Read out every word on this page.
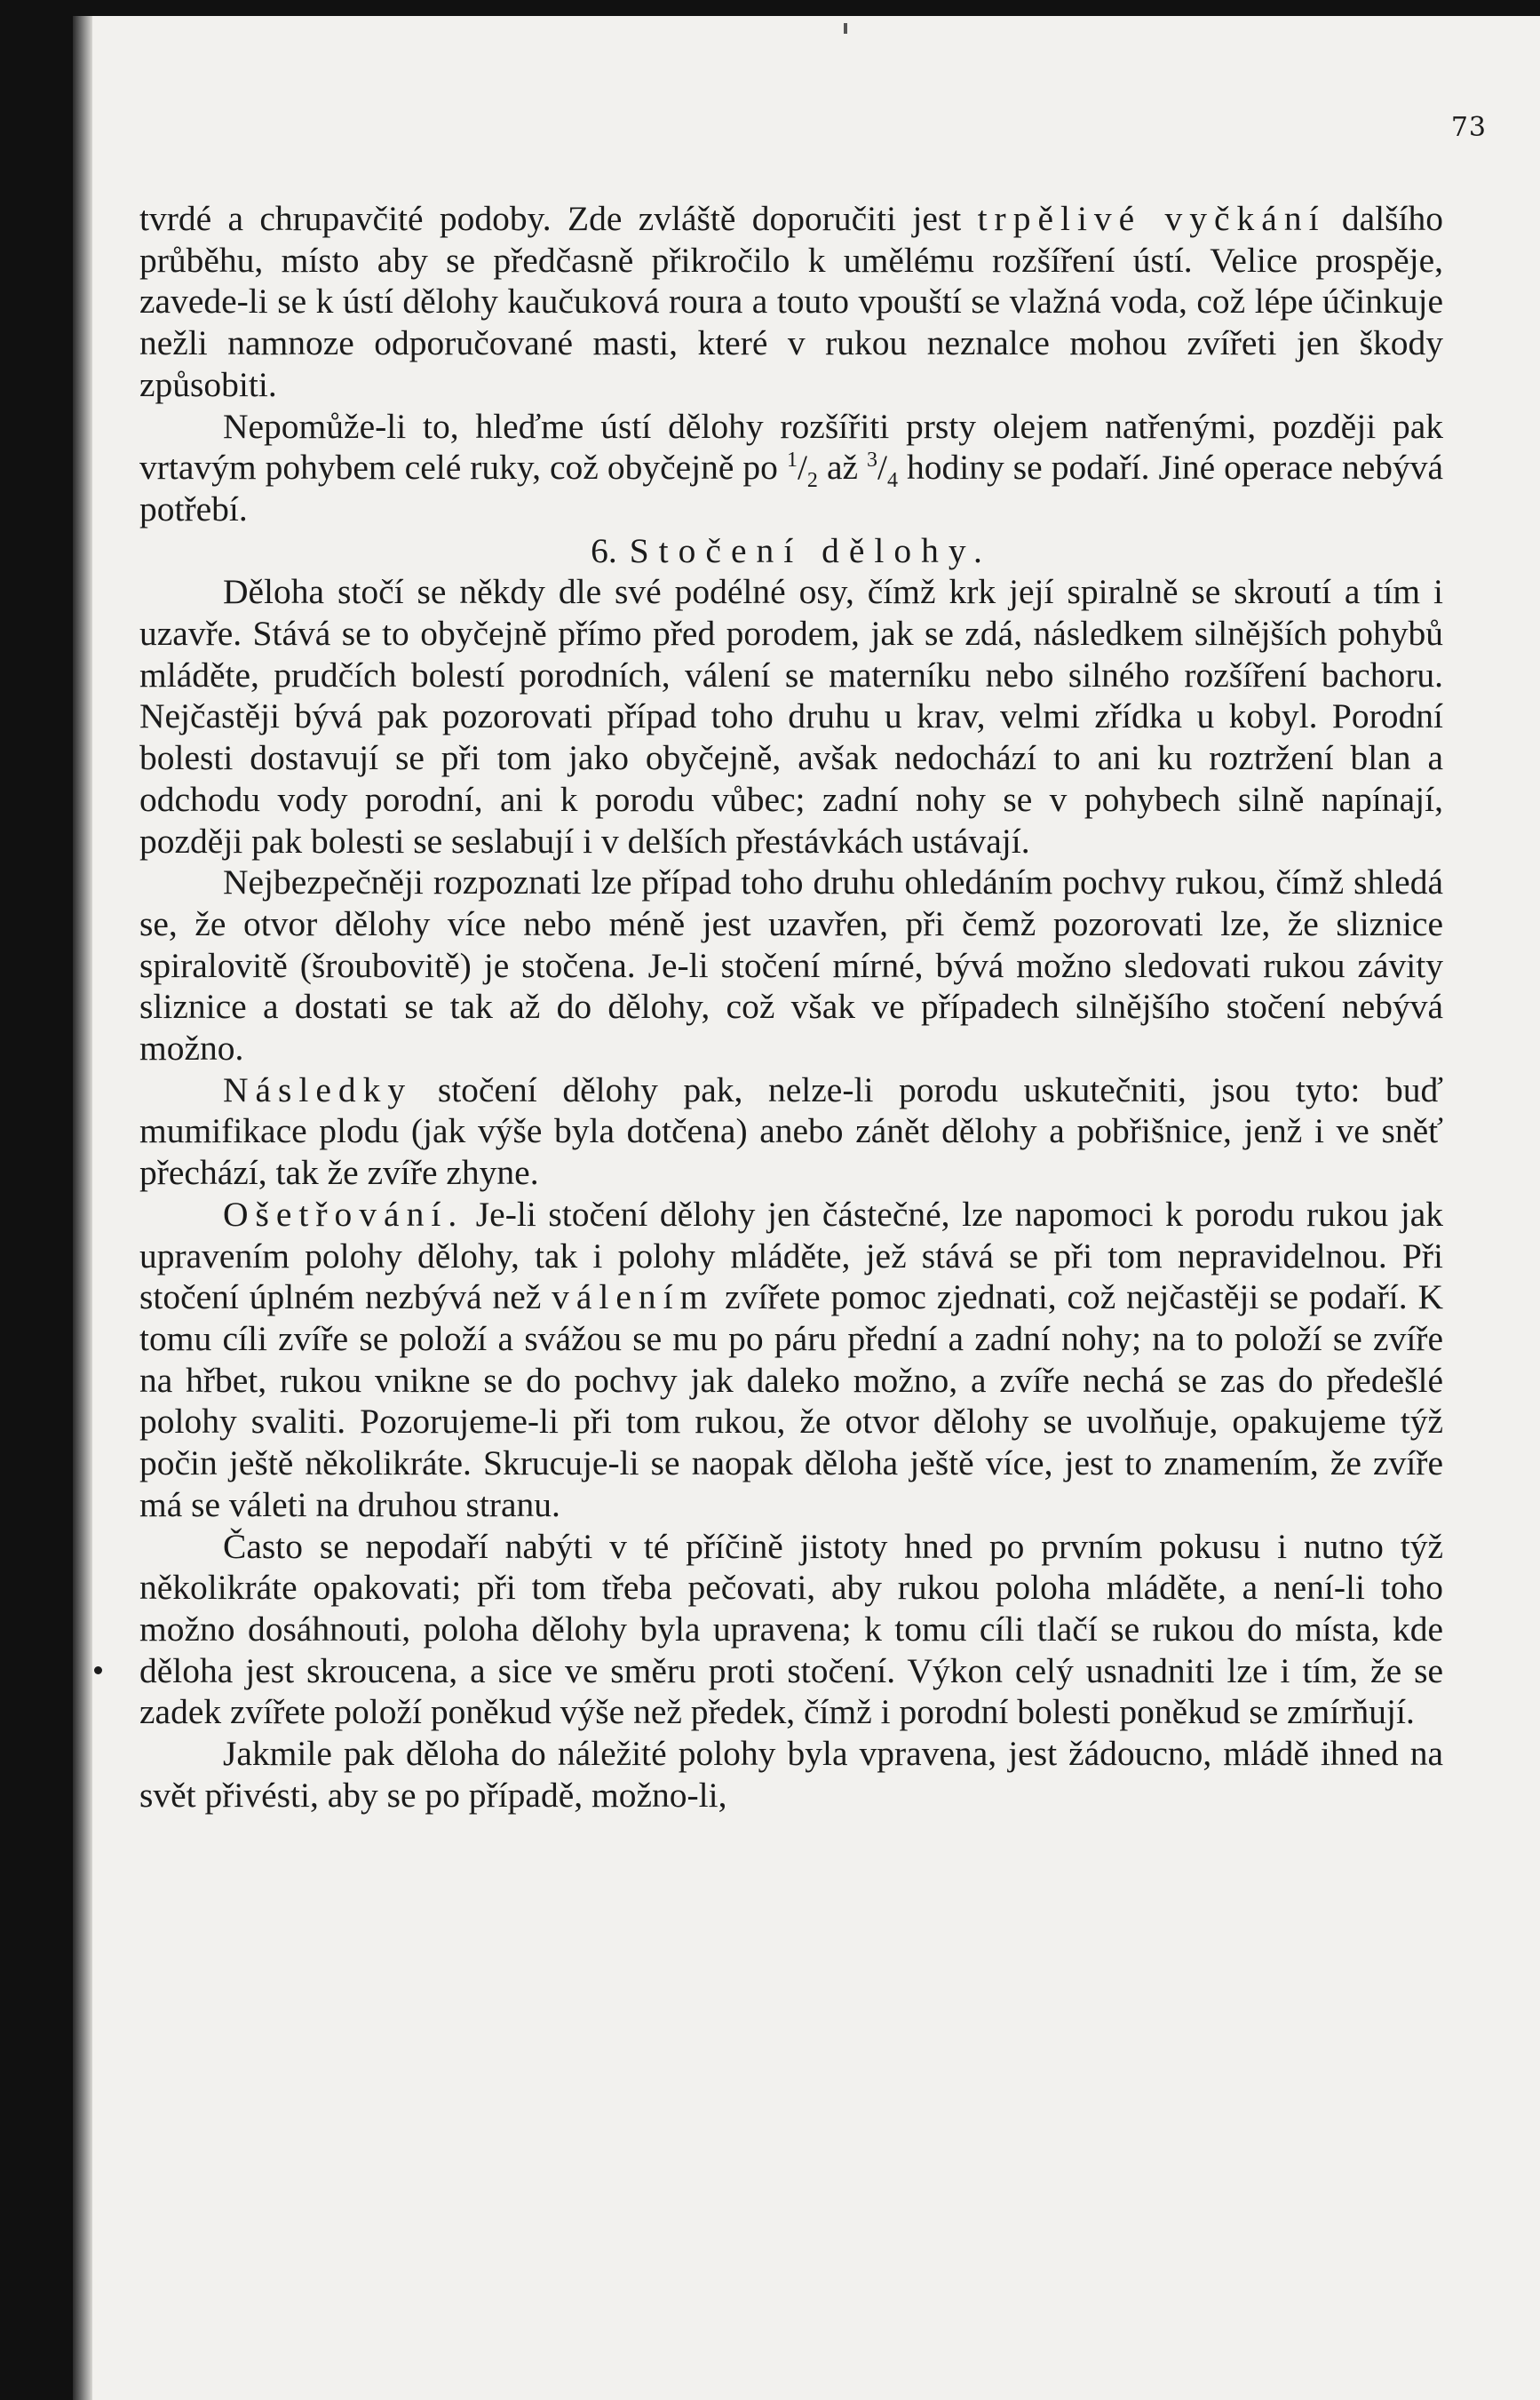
73

tvrdé a chrupavčité podoby. Zde zvláště doporučiti jest trpělivé vyčkání dalšího průběhu, místo aby se předčasně přikročilo k umělému rozšíření ústí. Velice prospěje, zavede-li se k ústí dělohy kaučuková roura a touto vpouští se vlažná voda, což lépe účinkuje nežli namnoze odporučované masti, které v rukou neznalce mohou zvířeti jen škody způsobiti.

Nepomůže-li to, hleďme ústí dělohy rozšířiti prsty olejem natřenými, později pak vrtavým pohybem celé ruky, což obyčejně po $^1/_2$ až $^3/_4$ hodiny se podaří. Jiné operace nebývá potřebí.

6. Stočení dělohy.

Děloha stočí se někdy dle své podélné osy, čímž krk její spiralně se skroutí a tím i uzavře. Stává se to obyčejně přímo před porodem, jak se zdá, následkem silnějších pohybů mláděte, prudčích bolestí porodních, válení se materníku nebo silného rozšíření bachoru. Nejčastěji bývá pak pozorovati případ toho druhu u krav, velmi zřídka u kobyl. Porodní bolesti dostavují se při tom jako obyčejně, avšak nedochází to ani ku roztržení blan a odchodu vody porodní, ani k porodu vůbec; zadní nohy se v pohybech silně napínají, později pak bolesti se seslabují i v delších přestávkách ustávají.

Nejbezpečněji rozpoznati lze případ toho druhu ohledáním pochvy rukou, čímž shledá se, že otvor dělohy více nebo méně jest uzavřen, při čemž pozorovati lze, že sliznice spiralovitě (šroubovitě) je stočena. Je-li stočení mírné, bývá možno sledovati rukou závity sliznice a dostati se tak až do dělohy, což však ve případech silnějšího stočení nebývá možno.

Následky stočení dělohy pak, nelze-li porodu uskutečniti, jsou tyto: buď mumifikace plodu (jak výše byla dotčena) anebo zánět dělohy a pobřišnice, jenž i ve sněť přechází, tak že zvíře zhyne.

Ošetřování. Je-li stočení dělohy jen částečné, lze napomoci k porodu rukou jak upravením polohy dělohy, tak i polohy mláděte, jež stává se při tom nepravidelnou. Při stočení úplném nezbývá než válením zvířete pomoc zjednati, což nejčastěji se podaří. K tomu cíli zvíře se položí a svážou se mu po páru přední a zadní nohy; na to položí se zvíře na hřbet, rukou vnikne se do pochvy jak daleko možno, a zvíře nechá se zas do předešlé polohy svaliti. Pozorujeme-li při tom rukou, že otvor dělohy se uvolňuje, opakujeme týž počin ještě několikráte. Skrucuje-li se naopak děloha ještě více, jest to znamením, že zvíře má se váleti na druhou stranu.

Často se nepodaří nabýti v té příčině jistoty hned po prvním pokusu i nutno týž několikráte opakovati; při tom třeba pečovati, aby rukou poloha mláděte, a není-li toho možno dosáhnouti, poloha dělohy byla upravena; k tomu cíli tlačí se rukou do místa, kde děloha jest skroucena, a sice ve směru proti stočení. Výkon celý usnadniti lze i tím, že se zadek zvířete položí poněkud výše než předek, čímž i porodní bolesti poněkud se zmírňují.

Jakmile pak děloha do náležité polohy byla vpravena, jest žádoucno, mládě ihned na svět přivésti, aby se po případě, možno-li,
